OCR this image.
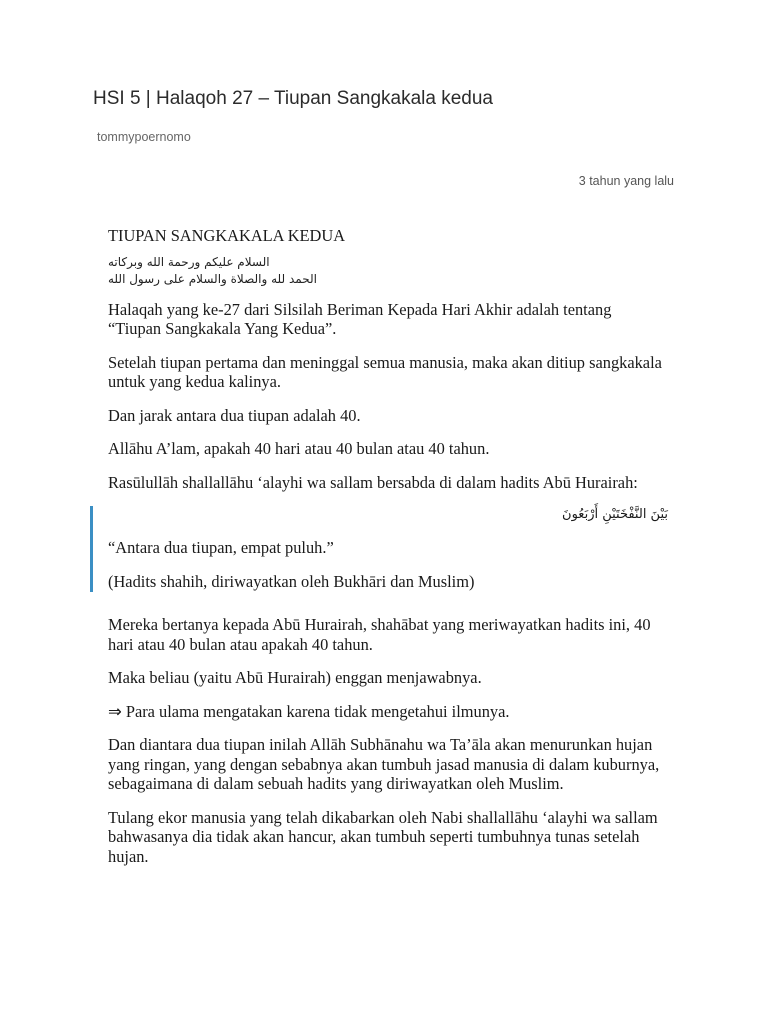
HSI 5 | Halaqoh 27 – Tiupan Sangkakala kedua
tommypoernomo
3 tahun yang lalu

TIUPAN SANGKAKALA KEDUA

السلام عليكم ورحمة الله وبركاته
الحمد لله والصلاة والسلام على رسول الله

Halaqah yang ke-27 dari Silsilah Beriman Kepada Hari Akhir adalah tentang “Tiupan Sangkakala Yang Kedua”.

Setelah tiupan pertama dan meninggal semua manusia, maka akan ditiup sangkakala untuk yang kedua kalinya.

Dan jarak antara dua tiupan adalah 40.

Allāhu A’lam, apakah 40 hari atau 40 bulan atau 40 tahun.

Rasūlullāh shallallāhu ‘alayhi wa sallam bersabda di dalam hadits Abū Hurairah:

بَيْنَ النَّفْخَتَيْنِ أَرْبَعُونَ

“Antara dua tiupan, empat puluh.”

(Hadits shahih, diriwayatkan oleh Bukhāri dan Muslim)

Mereka bertanya kepada Abū Hurairah, shahābat yang meriwayatkan hadits ini, 40 hari atau 40 bulan atau apakah 40 tahun.

Maka beliau (yaitu Abū Hurairah) enggan menjawabnya.

⇒ Para ulama mengatakan karena tidak mengetahui ilmunya.

Dan diantara dua tiupan inilah Allāh Subhānahu wa Ta’āla akan menurunkan hujan yang ringan, yang dengan sebabnya akan tumbuh jasad manusia di dalam kuburnya, sebagaimana di dalam sebuah hadits yang diriwayatkan oleh Muslim.

Tulang ekor manusia yang telah dikabarkan oleh Nabi shallallāhu ‘alayhi wa sallam bahwasanya dia tidak akan hancur, akan tumbuh seperti tumbuhnya tunas setelah hujan.
